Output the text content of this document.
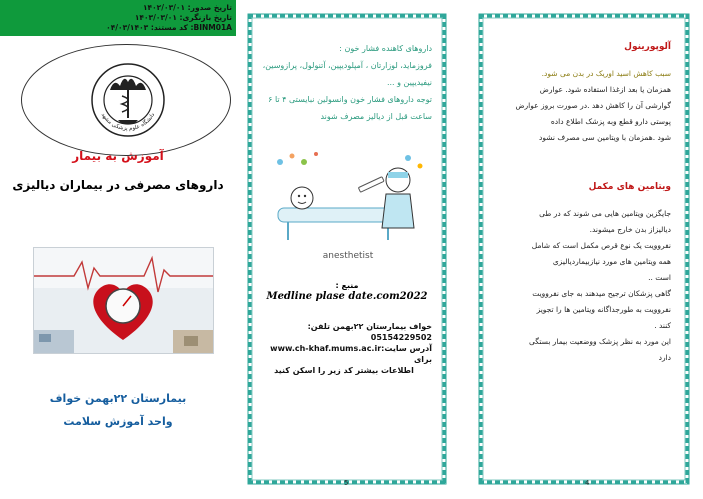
تاریخ صدور: ۱۴۰۲/۰۳/۰۱
تاریخ بازنگری: ۱۴۰۳/۰۳/۰۱
BINM01A: کد مستند: ۰۴/۰۳/۱۴۰۳
دانشگاه علوم پزشکی مشهد
آموزش به بیمار
داروهای مصرفی در بیماران دیالیزی
بیمارستان ۲۲بهمن خواف
واحد آموزش سلامت
داروهای کاهنده فشار خون :
فروزماید، لوزارتان ، آمپلودیپین، آتنولول، پرازوسین،
نیفیدیپین و ...
توجه داروهای فشار خون وانسولین نبایستی ۴ تا ۶
ساعت قبل از دیالیز مصرف شوند
anesthetist
منبع :
Medline plase date.com2022
خواف بیمارستان ۲۲بهمن تلفن: 05154229502
آدرس سایت:www.ch-khaf.mums.ac.ir برای
اطلاعات بیشتر کد زیر را اسکن کنید
5
آلوپورینول
سبب کاهش اسید اوریک در بدن می شود.
همزمان یا بعد ازغذا استفاده شود. عوارض
گوارشی آن را کاهش دهد .در صورت بروز عوارض
پوستی دارو قطع وبه پزشک اطلاع داده
شود .همزمان با ویتامین سی مصرف نشود
ویتامین های مکمل
جایگزین ویتامین هایی می شوند که در طی
دیالیزاز بدن خارج میشوند.
نفروویت یک نوع قرص مکمل است که شامل
همه ویتامین های مورد نیازبیماردیالیزی
است ..
گاهی پزشکان ترجیح میدهند به جای نفروویت
نفروویت به طورجداگانه ویتامین ها را تجویز
کنند .
این مورد به نظر پزشک ووضعیت بیمار بستگی
دارد
4
